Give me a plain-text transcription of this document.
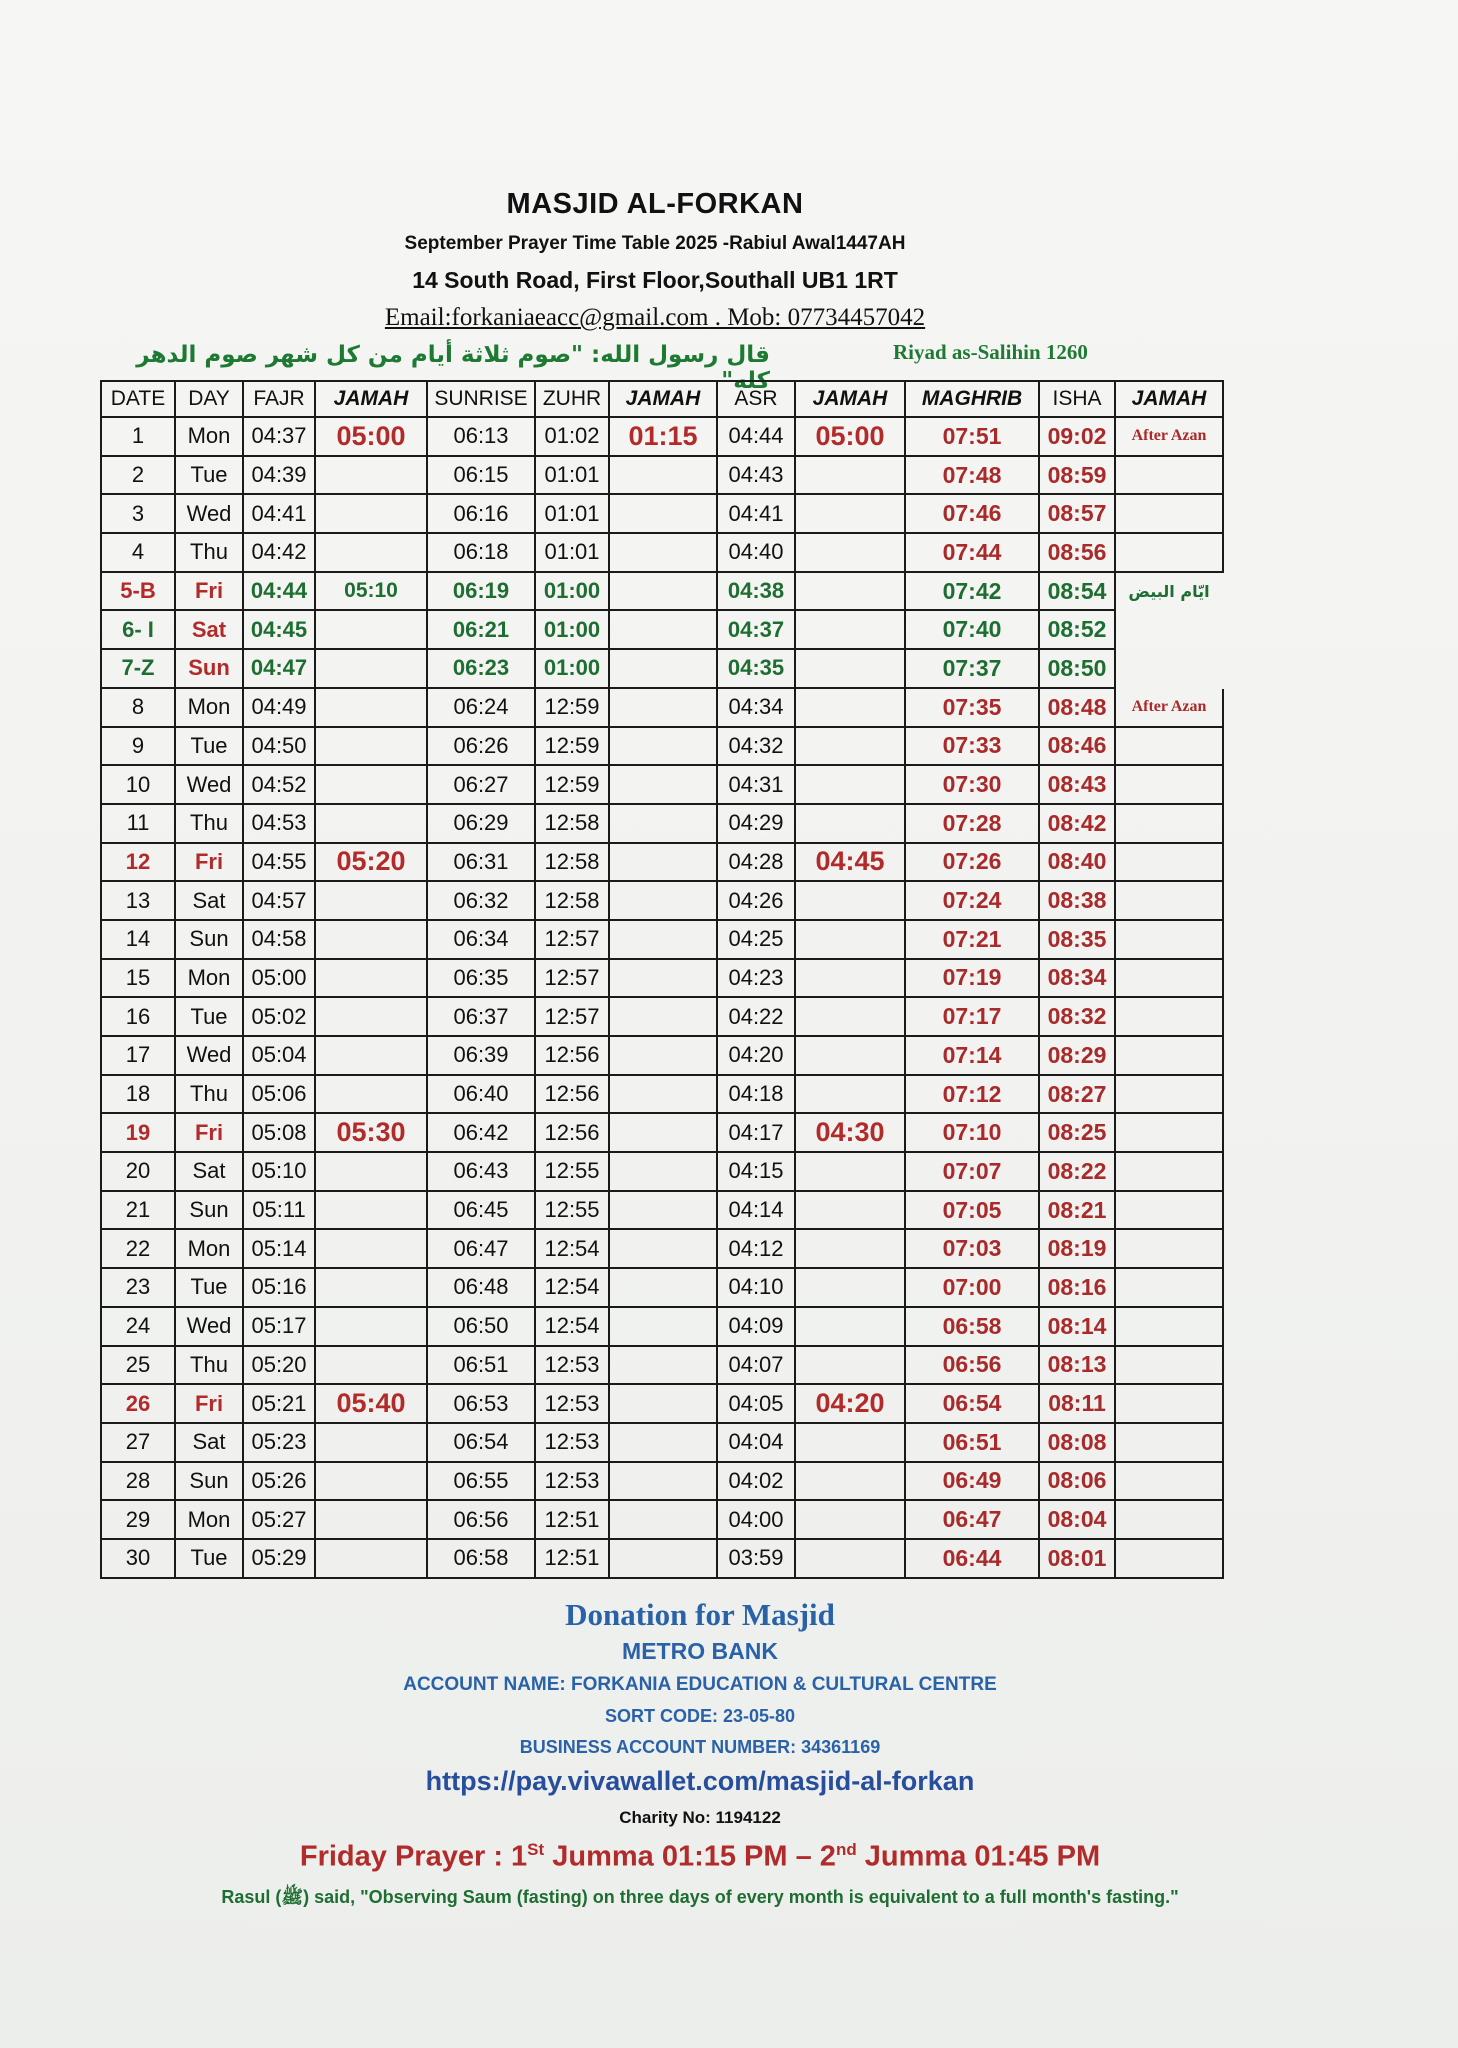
MASJID AL-FORKAN
September Prayer Time Table 2025 -Rabiul Awal1447AH
14 South Road, First Floor,Southall UB1 1RT
Email:forkaniaeacc@gmail.com . Mob: 07734457042
قال رسول الله: "صوم ثلاثة أيام من كل شهر صوم الدهر كله"
Riyad as-Salihin 1260
DATE	DAY	FAJR	JAMAH	SUNRISE	ZUHR	JAMAH	ASR	JAMAH	MAGHRIB	ISHA	JAMAH
1	Mon	04:37	05:00	06:13	01:02	01:15	04:44	05:00	07:51	09:02	After Azan
2	Tue	04:39		06:15	01:01		04:43		07:48	08:59	
3	Wed	04:41		06:16	01:01		04:41		07:46	08:57	
4	Thu	04:42		06:18	01:01		04:40		07:44	08:56	
5-B	Fri	04:44	05:10	06:19	01:00		04:38		07:42	08:54	ايّام البيض
6- I	Sat	04:45		06:21	01:00		04:37		07:40	08:52	
7-Z	Sun	04:47		06:23	01:00		04:35		07:37	08:50	
8	Mon	04:49		06:24	12:59		04:34		07:35	08:48	After Azan
9	Tue	04:50		06:26	12:59		04:32		07:33	08:46	
10	Wed	04:52		06:27	12:59		04:31		07:30	08:43	
11	Thu	04:53		06:29	12:58		04:29		07:28	08:42	
12	Fri	04:55	05:20	06:31	12:58		04:28	04:45	07:26	08:40	
13	Sat	04:57		06:32	12:58		04:26		07:24	08:38	
14	Sun	04:58		06:34	12:57		04:25		07:21	08:35	
15	Mon	05:00		06:35	12:57		04:23		07:19	08:34	
16	Tue	05:02		06:37	12:57		04:22		07:17	08:32	
17	Wed	05:04		06:39	12:56		04:20		07:14	08:29	
18	Thu	05:06		06:40	12:56		04:18		07:12	08:27	
19	Fri	05:08	05:30	06:42	12:56		04:17	04:30	07:10	08:25	
20	Sat	05:10		06:43	12:55		04:15		07:07	08:22	
21	Sun	05:11		06:45	12:55		04:14		07:05	08:21	
22	Mon	05:14		06:47	12:54		04:12		07:03	08:19	
23	Tue	05:16		06:48	12:54		04:10		07:00	08:16	
24	Wed	05:17		06:50	12:54		04:09		06:58	08:14	
25	Thu	05:20		06:51	12:53		04:07		06:56	08:13	
26	Fri	05:21	05:40	06:53	12:53		04:05	04:20	06:54	08:11	
27	Sat	05:23		06:54	12:53		04:04		06:51	08:08	
28	Sun	05:26		06:55	12:53		04:02		06:49	08:06	
29	Mon	05:27		06:56	12:51		04:00		06:47	08:04	
30	Tue	05:29		06:58	12:51		03:59		06:44	08:01	
Donation for Masjid
METRO BANK
ACCOUNT NAME: FORKANIA EDUCATION & CULTURAL CENTRE
SORT CODE: 23-05-80
BUSINESS ACCOUNT NUMBER: 34361169
https://pay.vivawallet.com/masjid-al-forkan
Charity No: 1194122
Friday Prayer : 1St Jumma 01:15 PM – 2nd Jumma 01:45 PM
Rasul (ﷺ) said, "Observing Saum (fasting) on three days of every month is equivalent to a full month's fasting."
